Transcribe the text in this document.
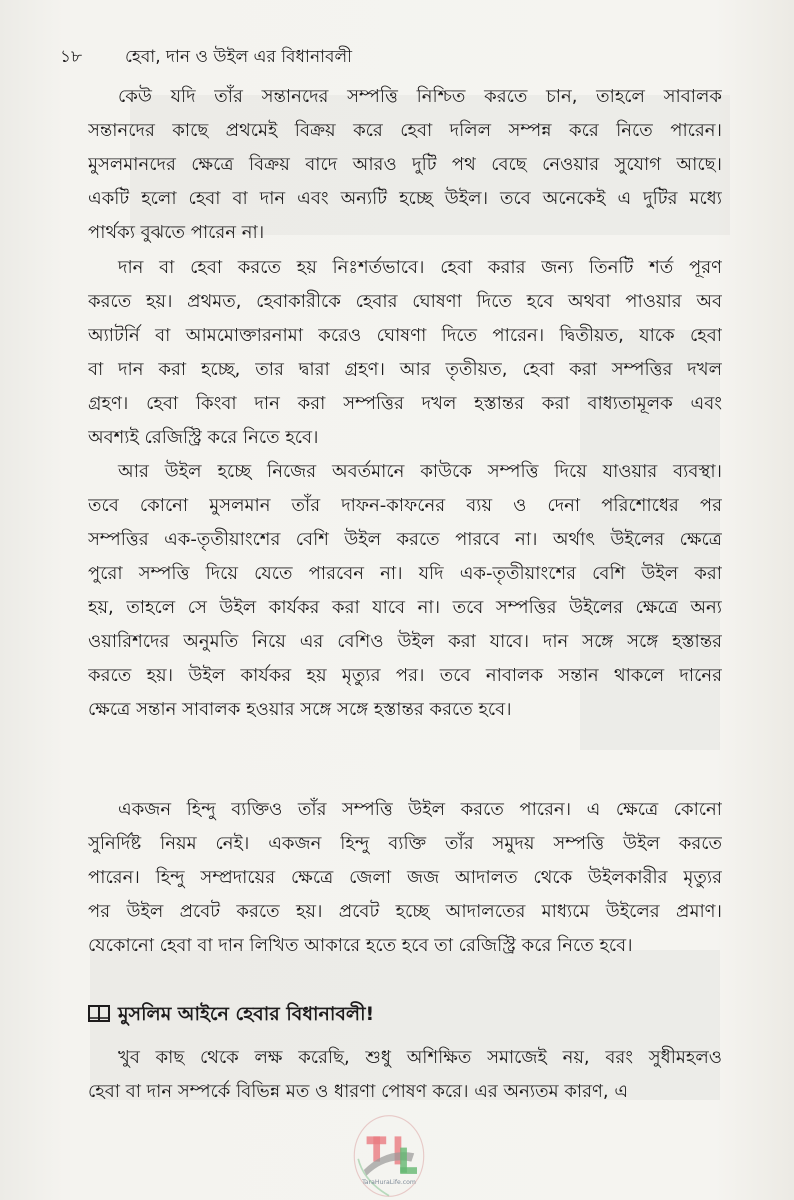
১৮	হেবা, দান ও উইল এর বিধানাবলী
কেউ যদি তাঁর সন্তানদের সম্পত্তি নিশ্চিত করতে চান, তাহলে সাবালক
সন্তানদের কাছে প্রথমেই বিক্রয় করে হেবা দলিল সম্পন্ন করে নিতে পারেন।
মুসলমানদের ক্ষেত্রে বিক্রয় বাদে আরও দুটি পথ বেছে নেওয়ার সুযোগ আছে।
একটি হলো হেবা বা দান এবং অন্যটি হচ্ছে উইল। তবে অনেকেই এ দুটির মধ্যে
পার্থক্য বুঝতে পারেন না।
দান বা হেবা করতে হয় নিঃশর্তভাবে। হেবা করার জন্য তিনটি শর্ত পূরণ
করতে হয়। প্রথমত, হেবাকারীকে হেবার ঘোষণা দিতে হবে অথবা পাওয়ার অব
অ্যাটর্নি বা আমমোক্তারনামা করেও ঘোষণা দিতে পারেন। দ্বিতীয়ত, যাকে হেবা
বা দান করা হচ্ছে, তার দ্বারা গ্রহণ। আর তৃতীয়ত, হেবা করা সম্পত্তির দখল
গ্রহণ। হেবা কিংবা দান করা সম্পত্তির দখল হস্তান্তর করা বাধ্যতামূলক এবং
অবশ্যই রেজিস্ট্রি করে নিতে হবে।
আর উইল হচ্ছে নিজের অবর্তমানে কাউকে সম্পত্তি দিয়ে যাওয়ার ব্যবস্থা।
তবে কোনো মুসলমান তাঁর দাফন-কাফনের ব্যয় ও দেনা পরিশোধের পর
সম্পত্তির এক-তৃতীয়াংশের বেশি উইল করতে পারবে না। অর্থাৎ উইলের ক্ষেত্রে
পুরো সম্পত্তি দিয়ে যেতে পারবেন না। যদি এক-তৃতীয়াংশের বেশি উইল করা
হয়, তাহলে সে উইল কার্যকর করা যাবে না। তবে সম্পত্তির উইলের ক্ষেত্রে অন্য
ওয়ারিশদের অনুমতি নিয়ে এর বেশিও উইল করা যাবে। দান সঙ্গে সঙ্গে হস্তান্তর
করতে হয়। উইল কার্যকর হয় মৃত্যুর পর। তবে নাবালক সন্তান থাকলে দানের
ক্ষেত্রে সন্তান সাবালক হওয়ার সঙ্গে সঙ্গে হস্তান্তর করতে হবে।
একজন হিন্দু ব্যক্তিও তাঁর সম্পত্তি উইল করতে পারেন। এ ক্ষেত্রে কোনো
সুনির্দিষ্ট নিয়ম নেই। একজন হিন্দু ব্যক্তি তাঁর সমুদয় সম্পত্তি উইল করতে
পারেন। হিন্দু সম্প্রদায়ের ক্ষেত্রে জেলা জজ আদালত থেকে উইলকারীর মৃত্যুর
পর উইল প্রবেট করতে হয়। প্রবেট হচ্ছে আদালতের মাধ্যমে উইলের প্রমাণ।
যেকোনো হেবা বা দান লিখিত আকারে হতে হবে তা রেজিস্ট্রি করে নিতে হবে।
মুসলিম আইনে হেবার বিধানাবলী!
খুব কাছ থেকে লক্ষ করেছি, শুধু অশিক্ষিত সমাজেই নয়, বরং সুধীমহলও
হেবা বা দান সম্পর্কে বিভিন্ন মত ও ধারণা পোষণ করে। এর অন্যতম কারণ, এ
TaraHuraLife.com
